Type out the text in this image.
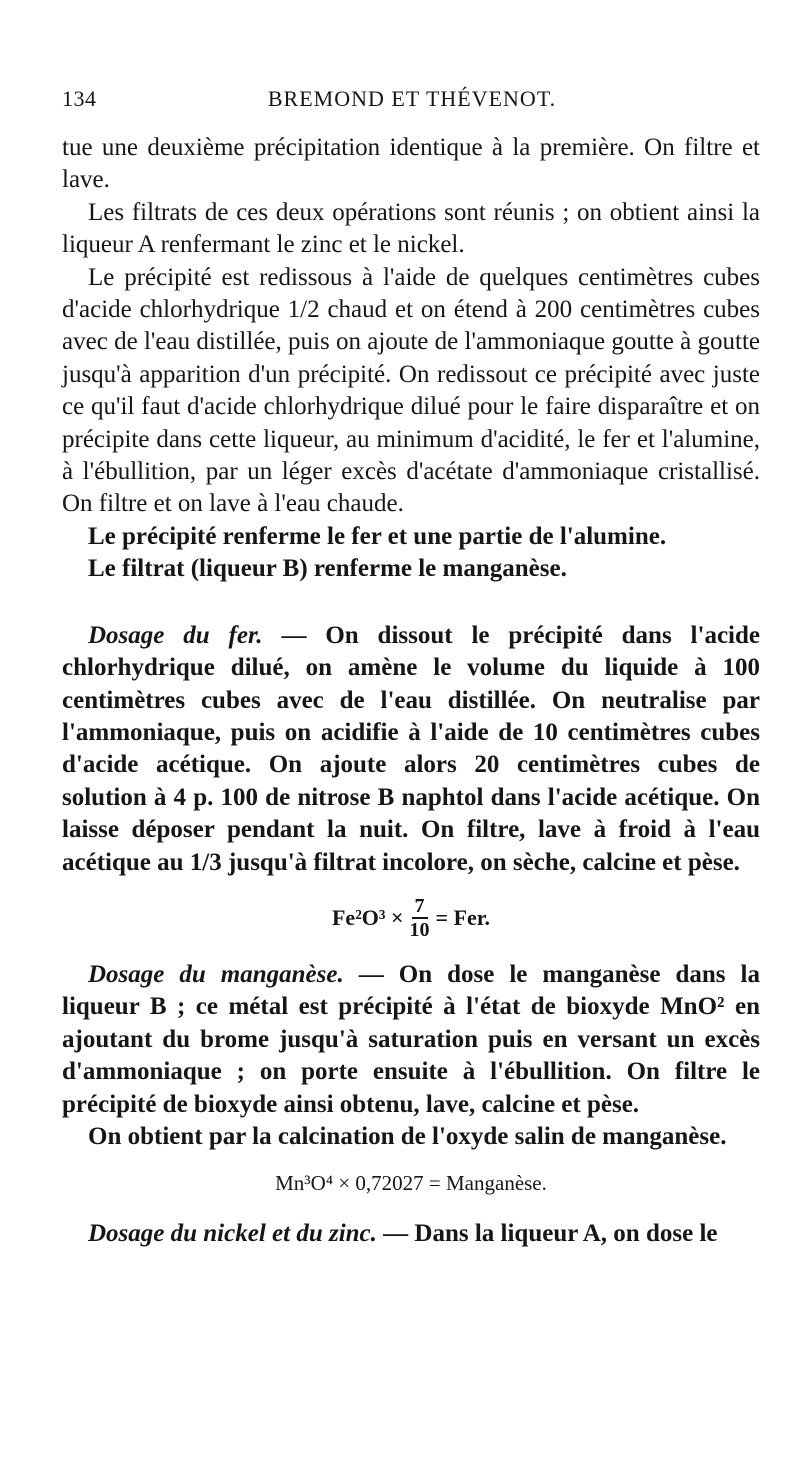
134	BREMOND ET THÉVENOT.

tue une deuxième précipitation identique à la première. On filtre et lave.

Les filtrats de ces deux opérations sont réunis ; on obtient ainsi la liqueur A renfermant le zinc et le nickel.

Le précipité est redissous à l'aide de quelques centimètres cubes d'acide chlorhydrique 1/2 chaud et on étend à 200 centimètres cubes avec de l'eau distillée, puis on ajoute de l'ammoniaque goutte à goutte jusqu'à apparition d'un précipité. On redissout ce précipité avec juste ce qu'il faut d'acide chlorhydrique dilué pour le faire disparaître et on précipite dans cette liqueur, au minimum d'acidité, le fer et l'alumine, à l'ébullition, par un léger excès d'acétate d'ammoniaque cristallisé. On filtre et on lave à l'eau chaude.

Le précipité renferme le fer et une partie de l'alumine.

Le filtrat (liqueur B) renferme le manganèse.

Dosage du fer. — On dissout le précipité dans l'acide chlorhydrique dilué, on amène le volume du liquide à 100 centimètres cubes avec de l'eau distillée. On neutralise par l'ammoniaque, puis on acidifie à l'aide de 10 centimètres cubes d'acide acétique. On ajoute alors 20 centimètres cubes de solution à 4 p. 100 de nitrose B naphtol dans l'acide acétique. On laisse déposer pendant la nuit. On filtre, lave à froid à l'eau acétique au 1/3 jusqu'à filtrat incolore, on sèche, calcine et pèse.

$Fe^2O^3 \times \frac{7}{10}$ = Fer.

Dosage du manganèse. — On dose le manganèse dans la liqueur B ; ce métal est précipité à l'état de bioxyde MnO² en ajoutant du brome jusqu'à saturation puis en versant un excès d'ammoniaque ; on porte ensuite à l'ébullition. On filtre le précipité de bioxyde ainsi obtenu, lave, calcine et pèse.

On obtient par la calcination de l'oxyde salin de manganèse.

Mn³O⁴ × 0,72027 = Manganèse.

Dosage du nickel et du zinc. — Dans la liqueur A, on dose le
